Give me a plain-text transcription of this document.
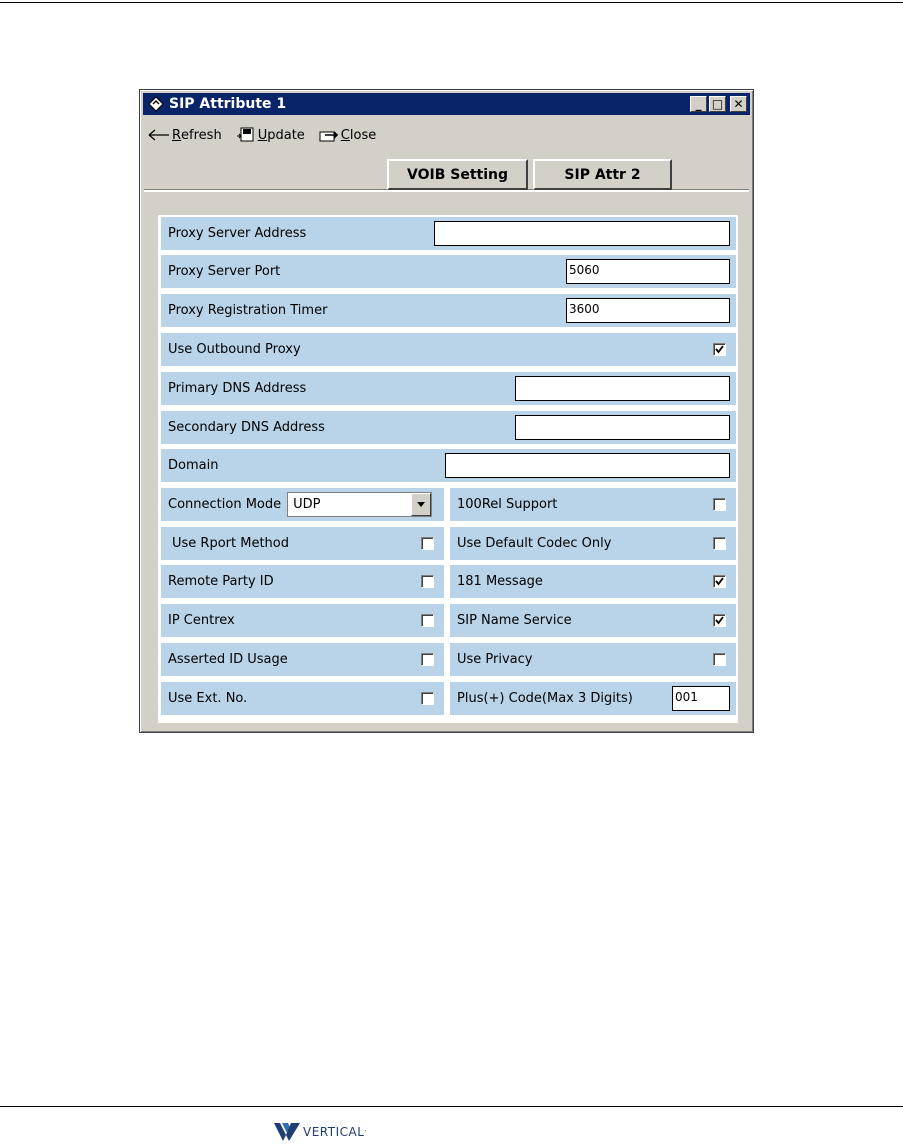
SIP Attribute 1	_ □ ✕
R efresh	U pdate	C lose
VOIB Setting	SIP Attr 2
Proxy Server Address
Proxy Server Port	5060
Proxy Registration Timer	3600
Use Outbound Proxy
Primary DNS Address
Secondary DNS Address
Domain
Connection Mode UDP	100Rel Support
Use Rport Method	Use Default Codec Only
Remote Party ID	181 Message
IP Centrex	SIP Name Service
Asserted ID Usage	Use Privacy
Use Ext. No.	Plus(+) Code(Max 3 Digits)	001
VERTICAL.
